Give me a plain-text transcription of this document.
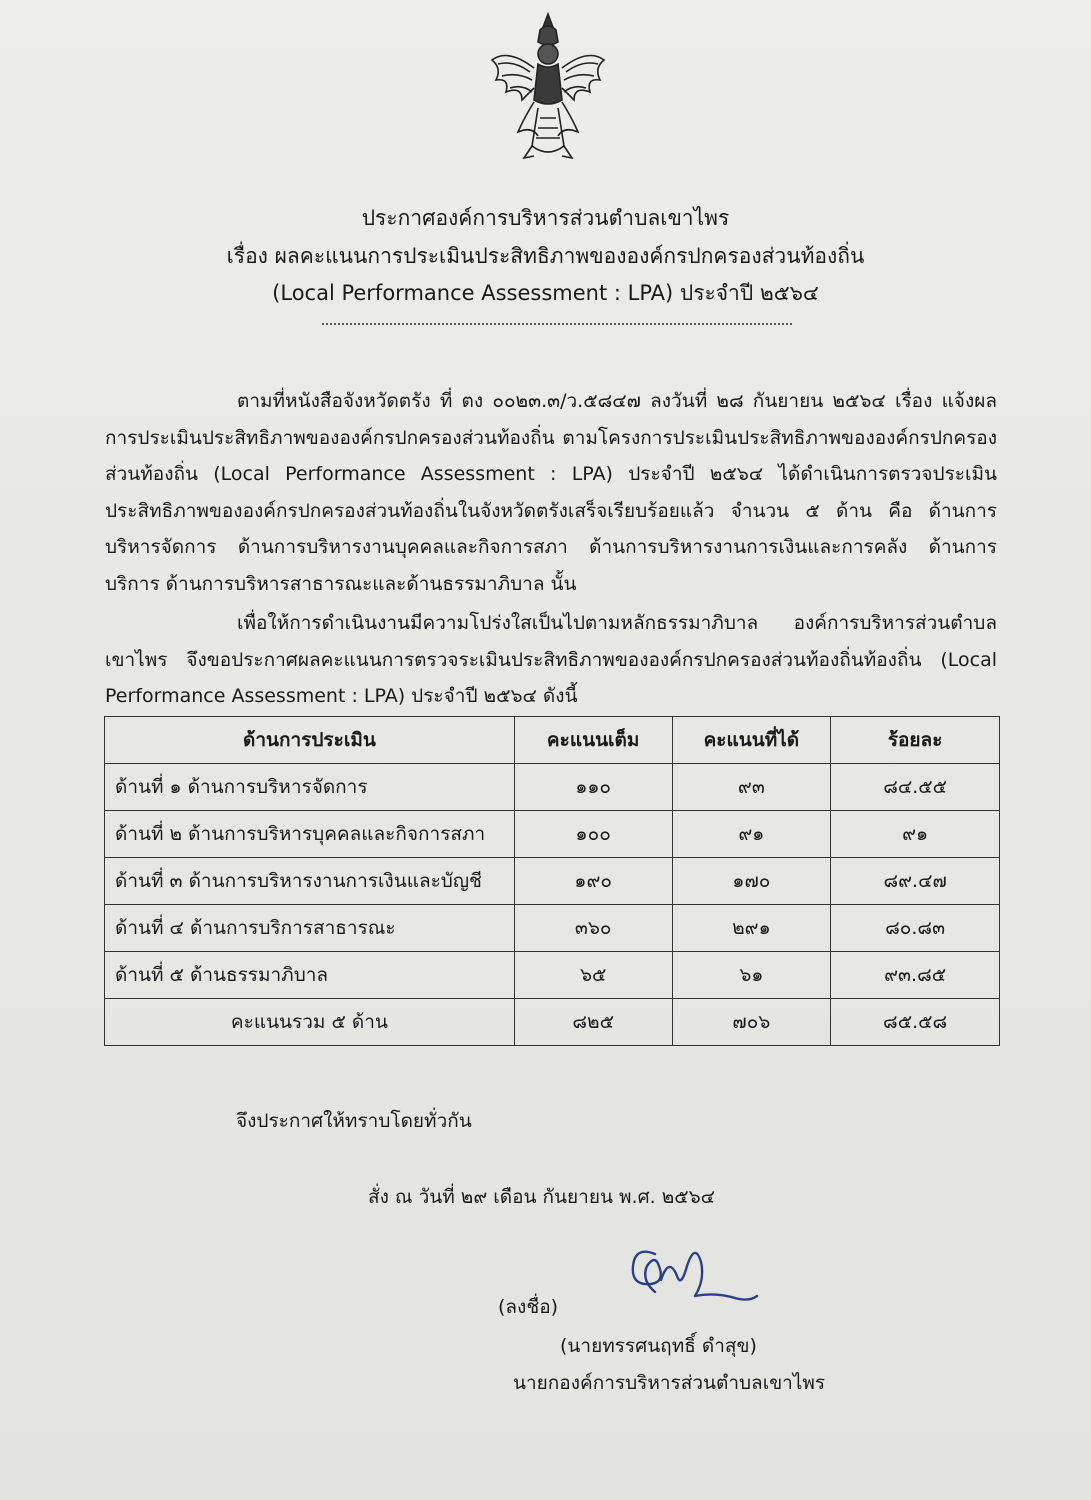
ประกาศองค์การบริหารส่วนตำบลเขาไพร
เรื่อง ผลคะแนนการประเมินประสิทธิภาพขององค์กรปกครองส่วนท้องถิ่น
(Local Performance Assessment : LPA) ประจำปี ๒๕๖๔
ตามที่หนังสือจังหวัดตรัง ที่ ตง ๐๐๒๓.๓/ว.๕๘๔๗ ลงวันที่ ๒๘ กันยายน ๒๕๖๔ เรื่อง แจ้งผลการประเมินประสิทธิภาพขององค์กรปกครองส่วนท้องถิ่น ตามโครงการประเมินประสิทธิภาพขององค์กรปกครองส่วนท้องถิ่น (Local Performance Assessment : LPA) ประจำปี ๒๕๖๔ ได้ดำเนินการตรวจประเมินประสิทธิภาพขององค์กรปกครองส่วนท้องถิ่นในจังหวัดตรังเสร็จเรียบร้อยแล้ว จำนวน ๕ ด้าน คือ ด้านการบริหารจัดการ ด้านการบริหารงานบุคคลและกิจการสภา ด้านการบริหารงานการเงินและการคลัง ด้านการบริการ ด้านการบริหารสาธารณะและด้านธรรมาภิบาล นั้น
เพื่อให้การดำเนินงานมีความโปร่งใสเป็นไปตามหลักธรรมาภิบาล องค์การบริหารส่วนตำบลเขาไพร จึงขอประกาศผลคะแนนการตรวจระเมินประสิทธิภาพขององค์กรปกครองส่วนท้องถิ่นท้องถิ่น (Local Performance Assessment : LPA) ประจำปี ๒๕๖๔ ดังนี้
ด้านการประเมิน	คะแนนเต็ม	คะแนนที่ได้	ร้อยละ
ด้านที่ ๑ ด้านการบริหารจัดการ	๑๑๐	๙๓	๘๔.๕๕
ด้านที่ ๒ ด้านการบริหารบุคคลและกิจการสภา	๑๐๐	๙๑	๙๑
ด้านที่ ๓ ด้านการบริหารงานการเงินและบัญชี	๑๙๐	๑๗๐	๘๙.๔๗
ด้านที่ ๔ ด้านการบริการสาธารณะ	๓๖๐	๒๙๑	๘๐.๘๓
ด้านที่ ๕ ด้านธรรมาภิบาล	๖๕	๖๑	๙๓.๘๕
คะแนนรวม ๕ ด้าน	๘๒๕	๗๐๖	๘๕.๕๘
จึงประกาศให้ทราบโดยทั่วกัน
สั่ง ณ วันที่ ๒๙ เดือน กันยายน พ.ศ. ๒๕๖๔
(ลงชื่อ)
(นายทรรศนฤทธิ์ ดำสุข)
นายกองค์การบริหารส่วนตำบลเขาไพร
